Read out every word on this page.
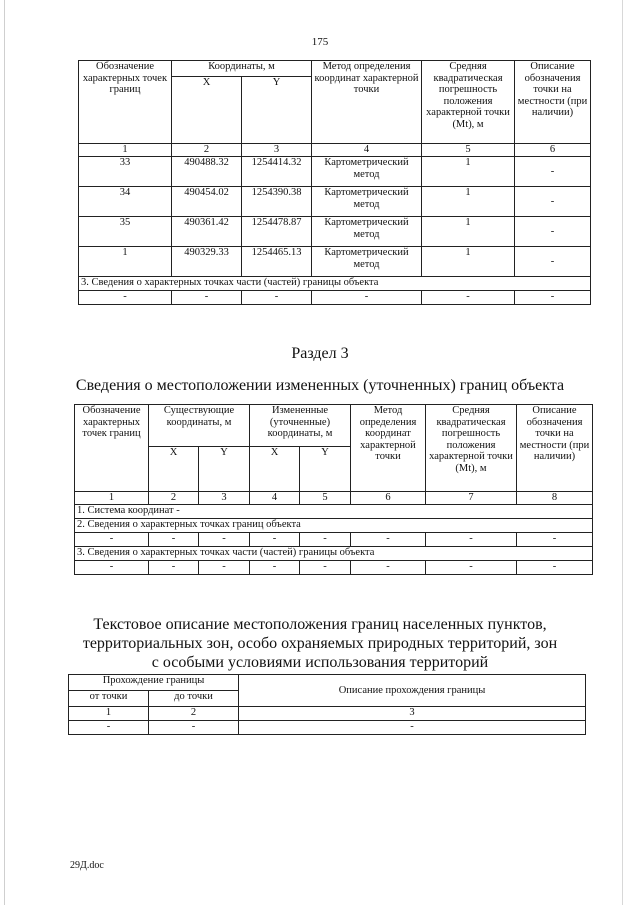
175
Обозначение характерных точек границ	Координаты, м		Метод определения координат характерной точки	Средняя квадратическая погрешность положения характерной точки (Mt), м	Описание обозначения точки на местности (при наличии)
	X	Y			
1	2	3	4	5	6
33	490488.32	1254414.32	Картометрический метод	1	-
34	490454.02	1254390.38	Картометрический метод	1	-
35	490361.42	1254478.87	Картометрический метод	1	-
1	490329.33	1254465.13	Картометрический метод	1	-
3. Сведения о характерных точках части (частей) границы объекта					
-	-	-	-	-	-
Раздел 3
Сведения о местоположении измененных (уточненных) границ объекта
Обозначение характерных точек границ	Существующие координаты, м		Измененные (уточненные) координаты, м		Метод определения координат характерной точки	Средняя квадратическая погрешность положения характерной точки (Mt), м	Описание обозначения точки на местности (при наличии)
	X	Y	X	Y			
1	2	3	4	5	6	7	8
1. Система координат -							
2. Сведения о характерных точках границ объекта							
-	-	-	-	-	-	-	-
3. Сведения о характерных точках части (частей) границы объекта							
-	-	-	-	-	-	-	-
Текстовое описание местоположения границ населенных пунктов,
территориальных зон, особо охраняемых природных территорий, зон
с особыми условиями использования территорий
Прохождение границы		Описание прохождения границы
от точки	до точки	
1	2	3
-	-	-
29Д.doc
